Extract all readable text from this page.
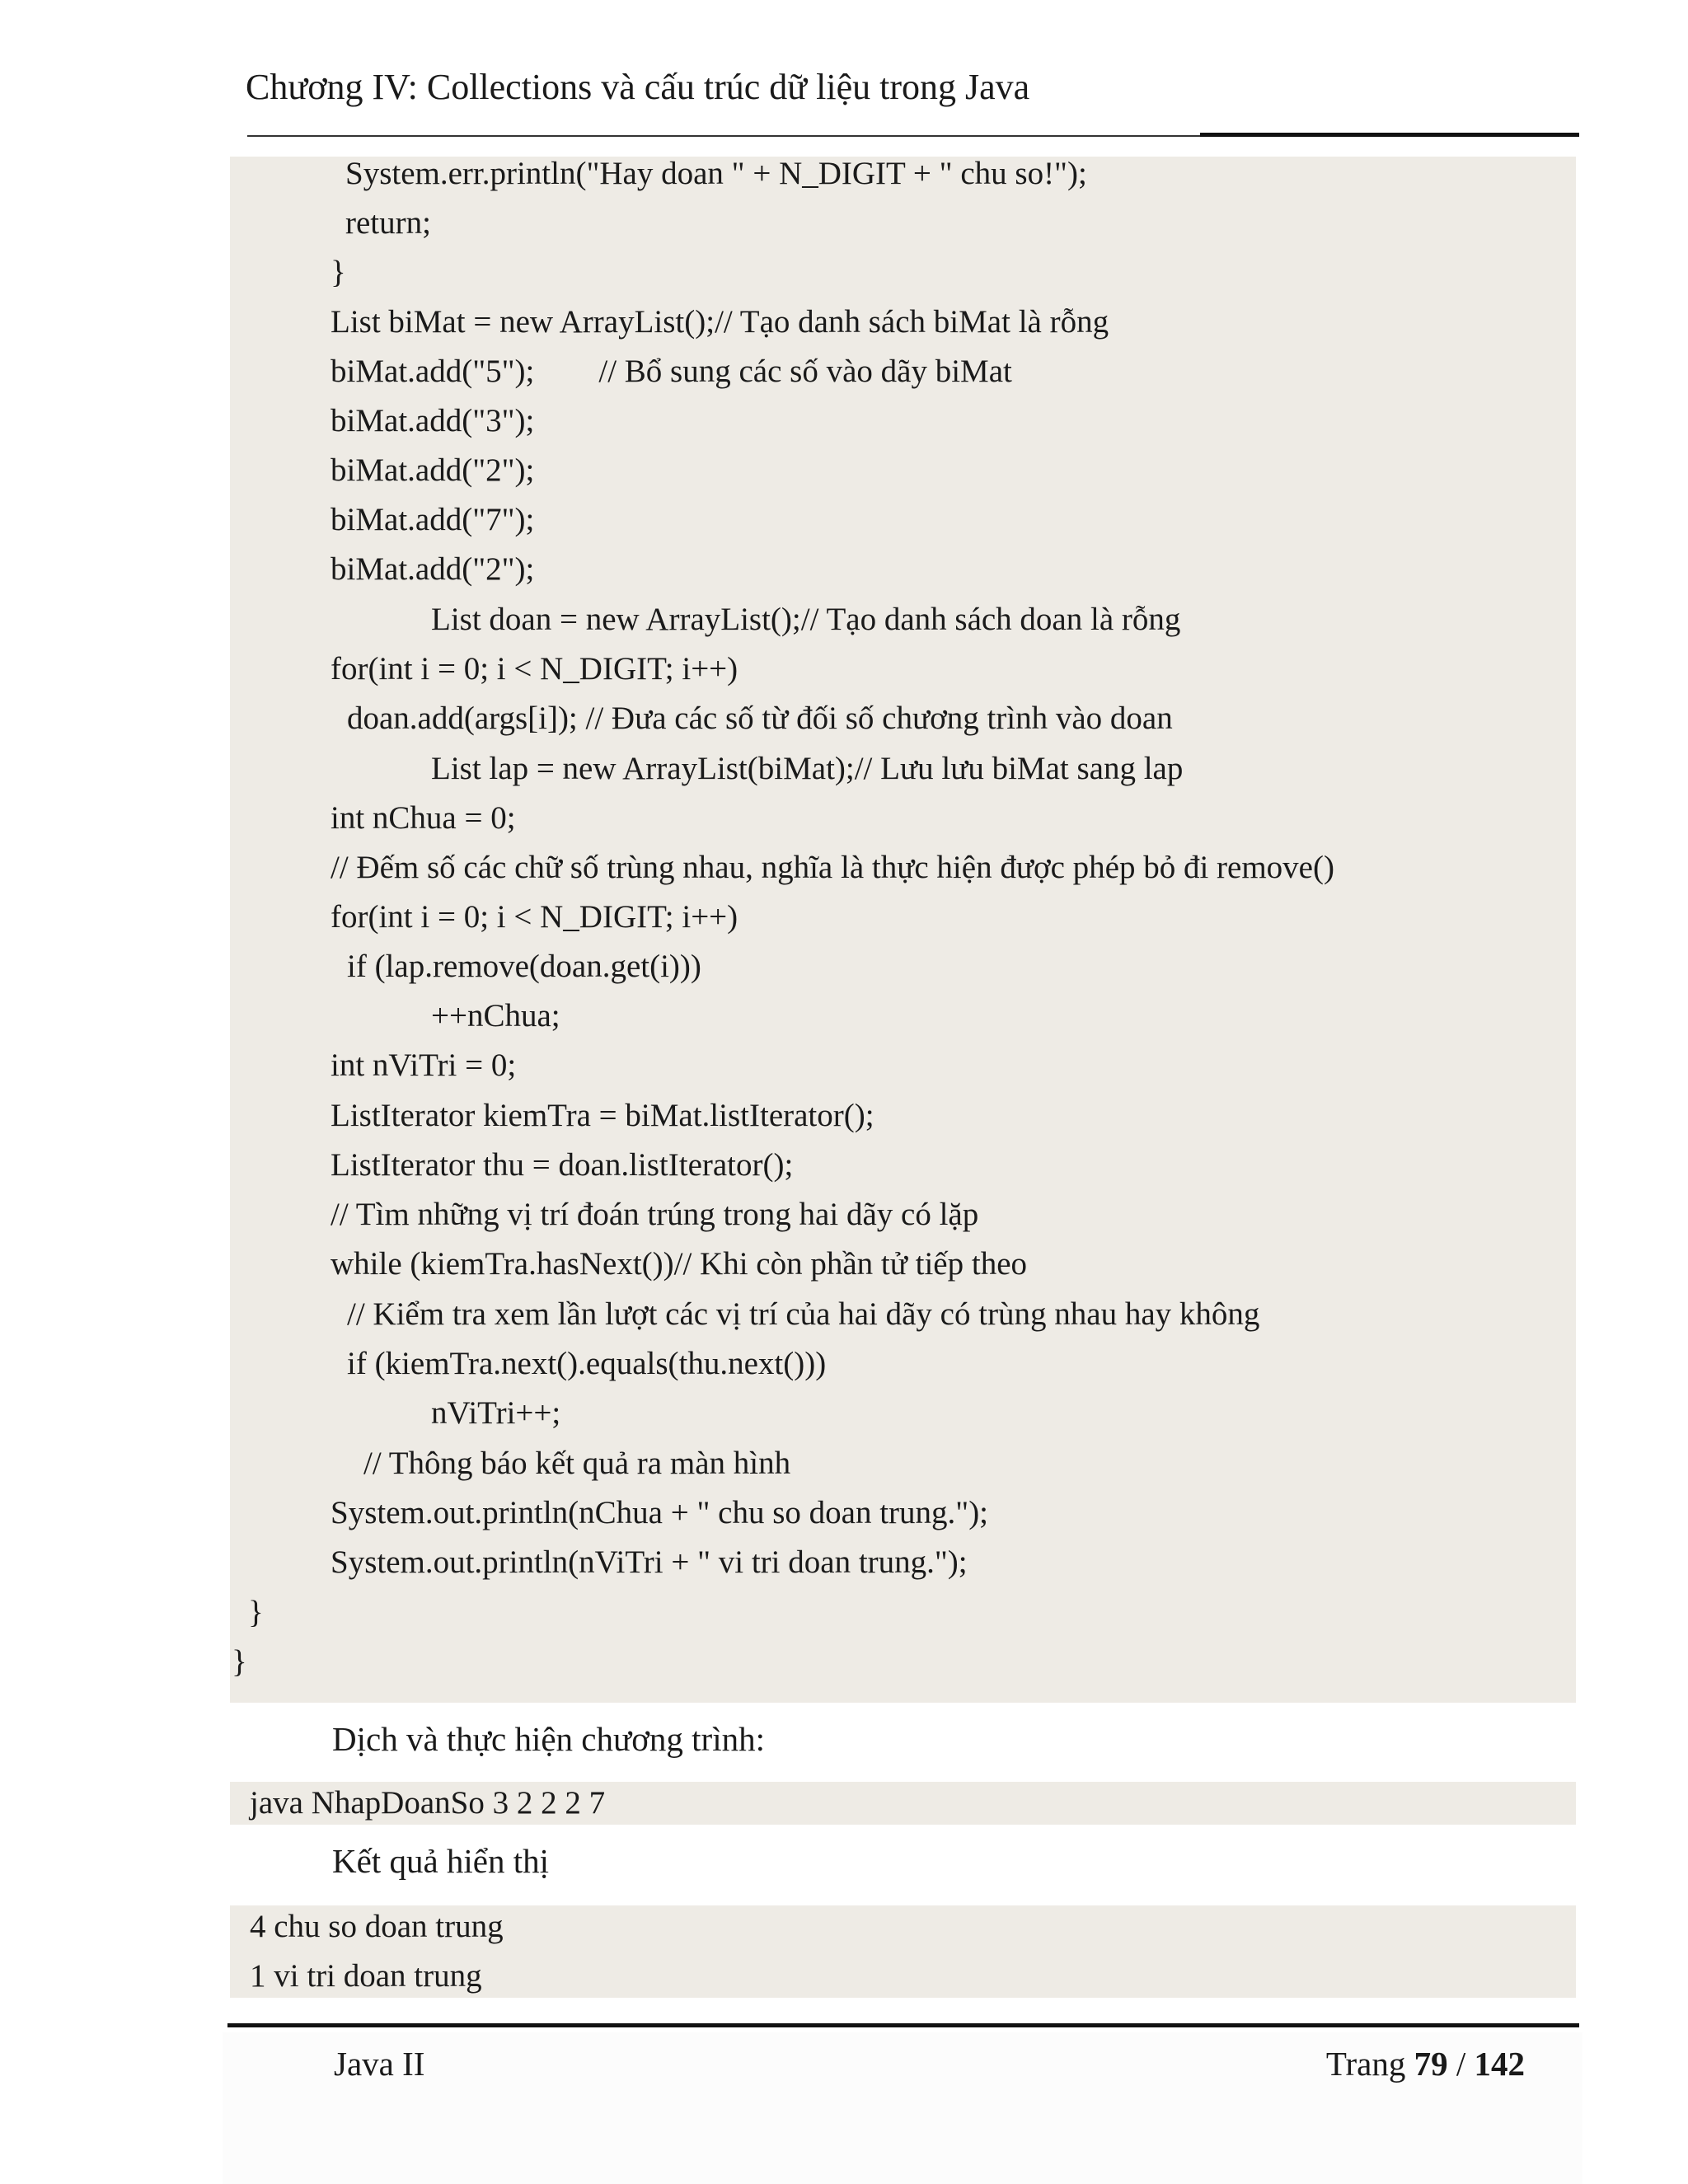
Chương IV: Collections và cấu trúc dữ liệu trong Java
System.err.println("Hay doan " + N_DIGIT + " chu so!");
return;
}
List biMat = new ArrayList();// Tạo danh sách biMat là rỗng
biMat.add("5");        // Bổ sung các số vào dãy biMat
biMat.add("3");
biMat.add("2");
biMat.add("7");
biMat.add("2");
List doan = new ArrayList();// Tạo danh sách doan là rỗng
for(int i = 0; i < N_DIGIT; i++)
doan.add(args[i]); // Đưa các số từ đối số chương trình vào doan
List lap = new ArrayList(biMat);// Lưu lưu biMat sang lap
int nChua = 0;
// Đếm số các chữ số trùng nhau, nghĩa là thực hiện được phép bỏ đi remove()
for(int i = 0; i < N_DIGIT; i++)
if (lap.remove(doan.get(i)))
++nChua;
int nViTri = 0;
ListIterator kiemTra = biMat.listIterator();
ListIterator thu = doan.listIterator();
// Tìm những vị trí đoán trúng trong hai dãy có lặp
while (kiemTra.hasNext())// Khi còn phần tử tiếp theo
// Kiểm tra xem lần lượt các vị trí của hai dãy có trùng nhau hay không
if (kiemTra.next().equals(thu.next()))
nViTri++;
// Thông báo kết quả ra màn hình
System.out.println(nChua + " chu so doan trung.");
System.out.println(nViTri + " vi tri doan trung.");
}
}
Dịch và thực hiện chương trình:
java NhapDoanSo 3 2 2 2 7
Kết quả hiển thị
4 chu so doan trung
1 vi tri doan trung
Java II	Trang 79 / 142
